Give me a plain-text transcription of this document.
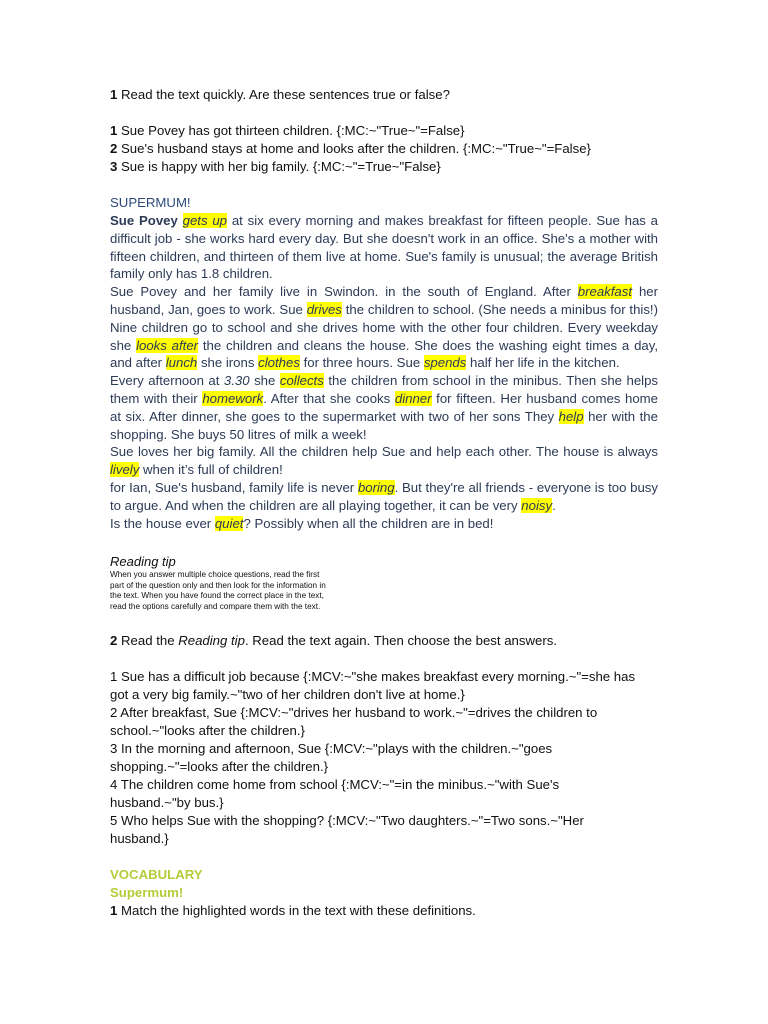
1 Read the text quickly. Are these sentences true or false?

1 Sue Povey has got thirteen children. {:MC:~"True~"=False}

2 Sue's husband stays at home and looks after the children. {:MC:~"True~"=False}

3 Sue is happy with her big family. {:MC:~"=True~"False}

SUPERMUM!

Sue Povey gets up at six every morning and makes breakfast for fifteen people. Sue has a difficult job - she works hard every day. But she doesn't work in an office. She's a mother with fifteen children, and thirteen of them live at home. Sue's family is unusual; the average British family only has 1.8 children.

Sue Povey and her family live in Swindon. in the south of England. After breakfast her husband, Jan, goes to work. Sue drives the children to school. (She needs a minibus for this!) Nine children go to school and she drives home with the other four children. Every weekday she looks after the children and cleans the house. She does the washing eight times a day, and after lunch she irons clothes for three hours. Sue spends half her life in the kitchen.

Every afternoon at 3.30 she collects the children from school in the minibus. Then she helps them with their homework. After that she cooks dinner for fifteen. Her husband comes home at six. After dinner, she goes to the supermarket with two of her sons They help her with the shopping. She buys 50 litres of milk a week!

Sue loves her big family. All the children help Sue and help each other. The house is always lively when it’s full of children!

for Ian, Sue's husband, family life is never boring. But they're all friends - everyone is too busy to argue. And when the children are all playing together, it can be very noisy.

Is the house ever quiet? Possibly when all the children are in bed!

Reading tip

When you answer multiple choice questions, read the first

part of the question only and then look for the information in

the text. When you have found the correct place in the text,

read the options carefully and compare them with the text.

2 Read the Reading tip. Read the text again. Then choose the best answers.

1 Sue has a difficult job because {:MCV:~"she makes breakfast every morning.~"=she has

got a very big family.~"two of her children don't live at home.}

2 After breakfast, Sue {:MCV:~"drives her husband to work.~"=drives the children to

school.~"looks after the children.}

3 In the morning and afternoon, Sue {:MCV:~"plays with the children.~"goes

shopping.~"=looks after the children.}

4 The children come home from school {:MCV:~"=in the minibus.~"with Sue's

husband.~"by bus.}

5 Who helps Sue with the shopping? {:MCV:~"Two daughters.~"=Two sons.~"Her

husband.}

VOCABULARY

Supermum!

1 Match the highlighted words in the text with these definitions.
